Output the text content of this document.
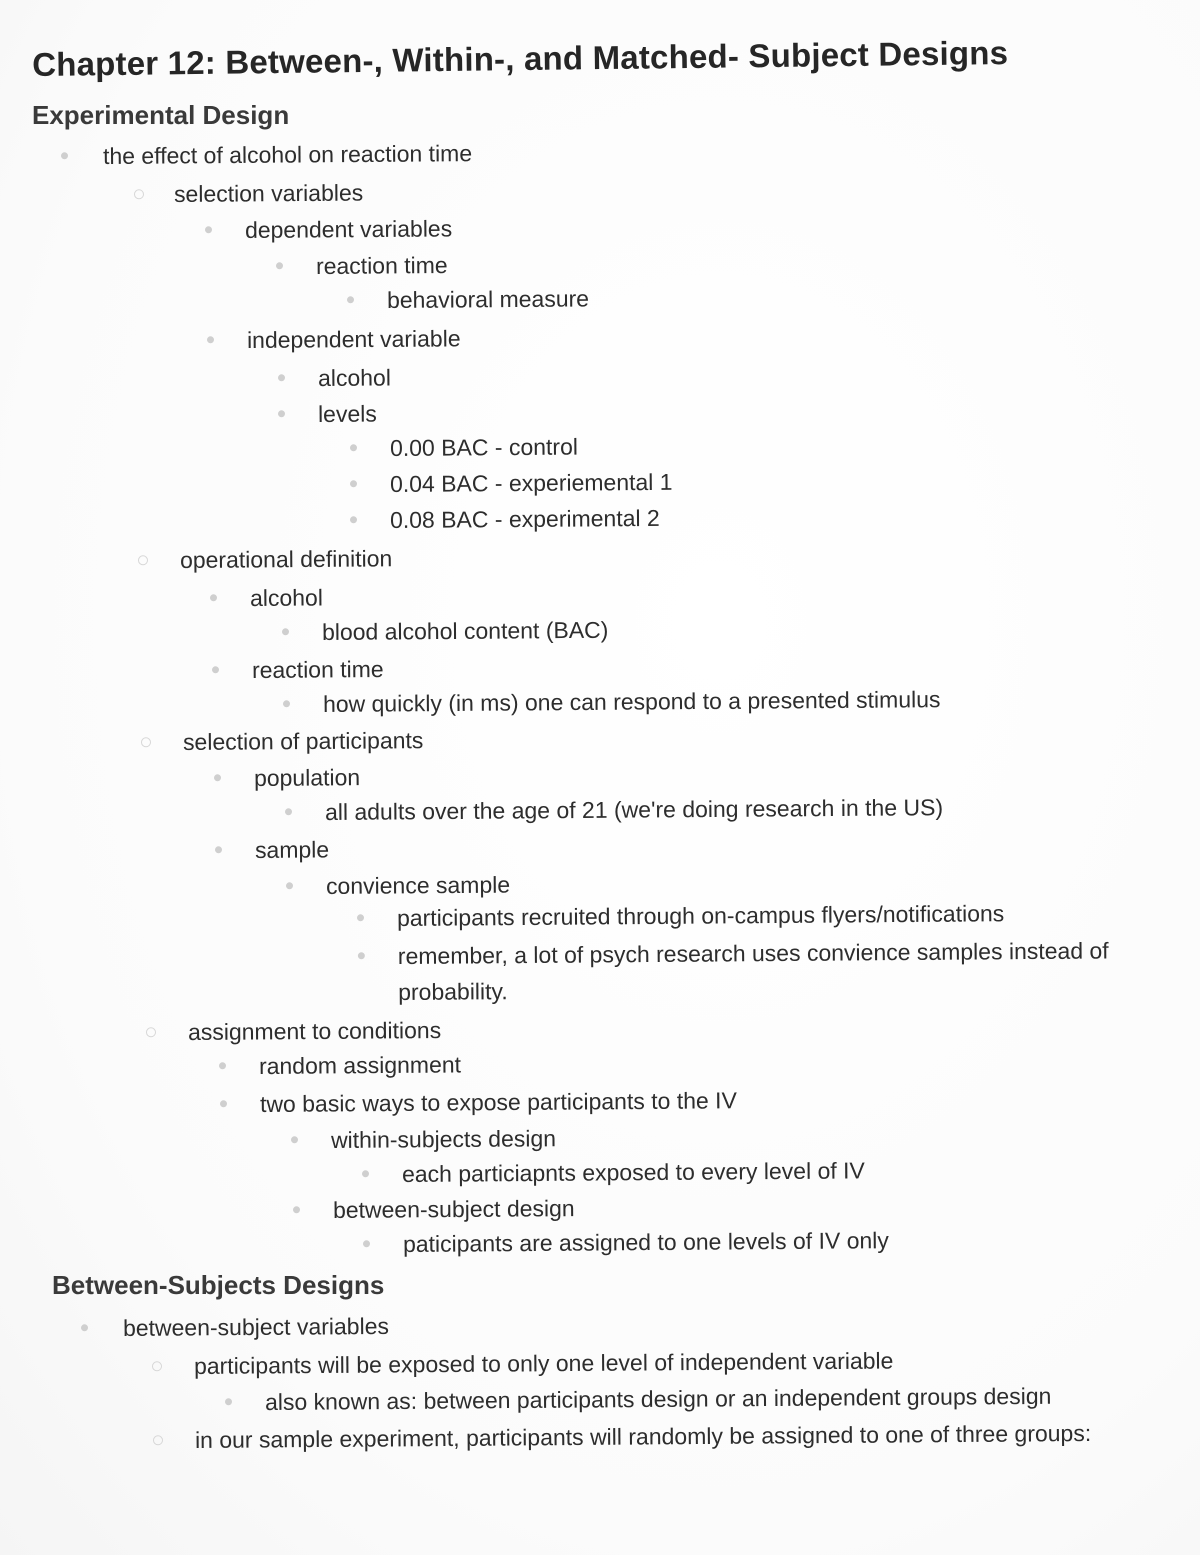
Chapter 12: Between-, Within-, and Matched- Subject Designs
Experimental Design
the effect of alcohol on reaction time
selection variables
dependent variables
reaction time
behavioral measure
independent variable
alcohol
levels
0.00 BAC - control
0.04 BAC - experiemental 1
0.08 BAC - experimental 2
operational definition
alcohol
blood alcohol content (BAC)
reaction time
how quickly (in ms) one can respond to a presented stimulus
selection of participants
population
all adults over the age of 21 (we're doing research in the US)
sample
convience sample
participants recruited through on-campus flyers/notifications
remember, a lot of psych research uses convience samples instead of probability.
assignment to conditions
random assignment
two basic ways to expose participants to the IV
within-subjects design
each particiapnts exposed to every level of IV
between-subject design
paticipants are assigned to one levels of IV only
Between-Subjects Designs
between-subject variables
participants will be exposed to only one level of independent variable
also known as: between participants design or an independent groups design
in our sample experiment, participants will randomly be assigned to one of three groups:
